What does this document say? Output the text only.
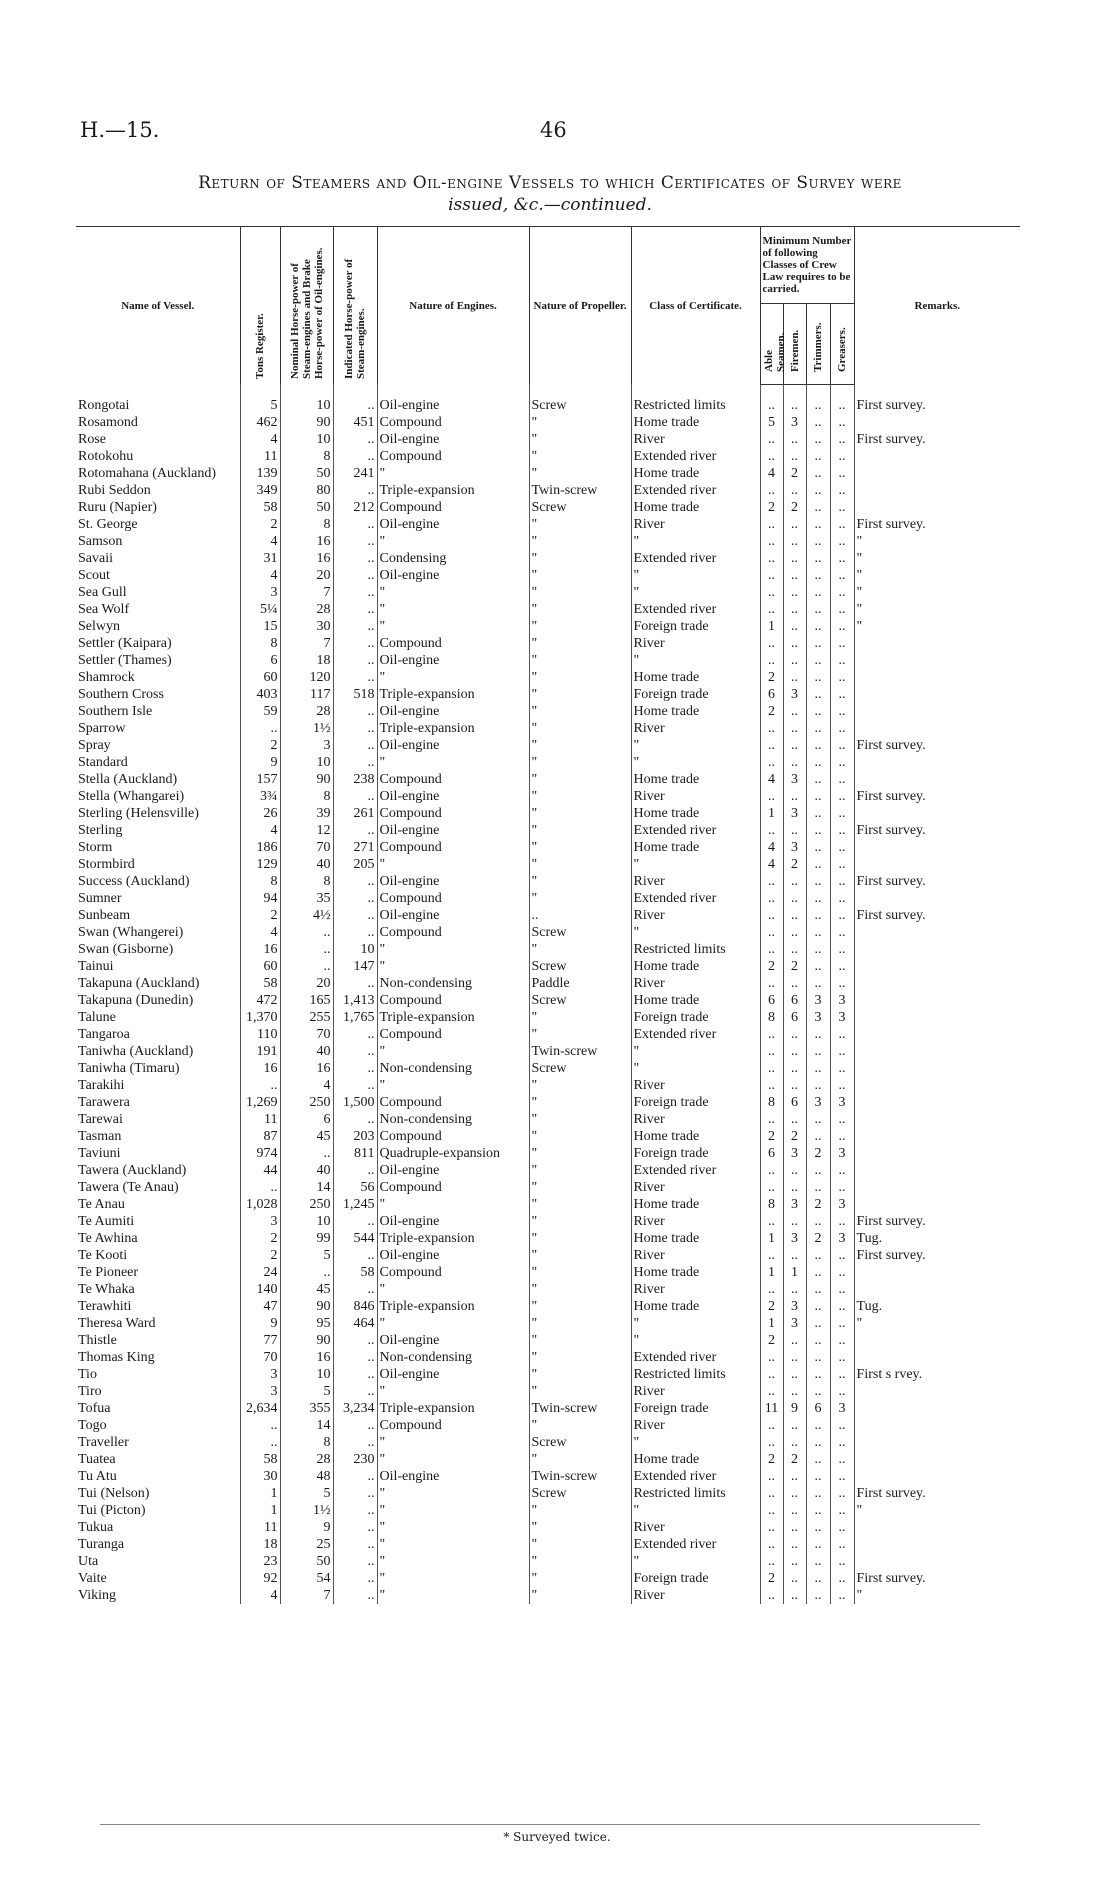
H.—15.	46
Return of Steamers and Oil-engine Vessels to which Certificates of Survey were
issued, &c.—continued.
Name of Vessel.	Tons Register.	Nominal Horse-power of Steam-engines and Brake Horse-power of Oil-engines.	Indicated Horse-power of Steam-engines.	Nature of Engines.	Nature of Propeller.	Class of Certificate.	Minimum Number of following Classes of Crew Law requires to be carried.				Remarks.
							Able Seamen.	Firemen.	Trimmers.	Greasers.	

Rongotai	5	10	..	Oil-engine	Screw	Restricted limits	..	..	..	..	First survey.
Rosamond	462	90	451	Compound	"	Home trade	5	3	..	..	
Rose	4	10	..	Oil-engine	"	River	..	..	..	..	First survey.
Rotokohu	11	8	..	Compound	"	Extended river	..	..	..	..	
Rotomahana (Auckland)	139	50	241	"	"	Home trade	4	2	..	..	
Rubi Seddon	349	80	..	Triple-expansion	Twin-screw	Extended river	..	..	..	..	
Ruru (Napier)	58	50	212	Compound	Screw	Home trade	2	2	..	..	
St. George	2	8	..	Oil-engine	"	River	..	..	..	..	First survey.
Samson	4	16	..	"	"	"	..	..	..	..	"
Savaii	31	16	..	Condensing	"	Extended river	..	..	..	..	"
Scout	4	20	..	Oil-engine	"	"	..	..	..	..	"
Sea Gull	3	7	..	"	"	"	..	..	..	..	"
Sea Wolf	5¼	28	..	"	"	Extended river	..	..	..	..	"
Selwyn	15	30	..	"	"	Foreign trade	1	..	..	..	"
Settler (Kaipara)	8	7	..	Compound	"	River	..	..	..	..	
Settler (Thames)	6	18	..	Oil-engine	"	"	..	..	..	..	
Shamrock	60	120	..	"	"	Home trade	2	..	..	..	
Southern Cross	403	117	518	Triple-expansion	"	Foreign trade	6	3	..	..	
Southern Isle	59	28	..	Oil-engine	"	Home trade	2	..	..	..	
Sparrow	..	1½	..	Triple-expansion	"	River	..	..	..	..	
Spray	2	3	..	Oil-engine	"	"	..	..	..	..	First survey.
Standard	9	10	..	"	"	"	..	..	..	..	
Stella (Auckland)	157	90	238	Compound	"	Home trade	4	3	..	..	
Stella (Whangarei)	3¾	8	..	Oil-engine	"	River	..	..	..	..	First survey.
Sterling (Helensville)	26	39	261	Compound	"	Home trade	1	3	..	..	
Sterling	4	12	..	Oil-engine	"	Extended river	..	..	..	..	First survey.
Storm	186	70	271	Compound	"	Home trade	4	3	..	..	
Stormbird	129	40	205	"	"	"	4	2	..	..	
Success (Auckland)	8	8	..	Oil-engine	"	River	..	..	..	..	First survey.
Sumner	94	35	..	Compound	"	Extended river	..	..	..	..	
Sunbeam	2	4½	..	Oil-engine	..	River	..	..	..	..	First survey.
Swan (Whangerei)	4	..	..	Compound	Screw	"	..	..	..	..	
Swan (Gisborne)	16	..	10	"	"	Restricted limits	..	..	..	..	
Tainui	60	..	147	"	Screw	Home trade	2	2	..	..	
Takapuna (Auckland)	58	20	..	Non-condensing	Paddle	River	..	..	..	..	
Takapuna (Dunedin)	472	165	1,413	Compound	Screw	Home trade	6	6	3	3	
Talune	1,370	255	1,765	Triple-expansion	"	Foreign trade	8	6	3	3	
Tangaroa	110	70	..	Compound	"	Extended river	..	..	..	..	
Taniwha (Auckland)	191	40	..	"	Twin-screw	"	..	..	..	..	
Taniwha (Timaru)	16	16	..	Non-condensing	Screw	"	..	..	..	..	
Tarakihi	..	4	..	"	"	River	..	..	..	..	
Tarawera	1,269	250	1,500	Compound	"	Foreign trade	8	6	3	3	
Tarewai	11	6	..	Non-condensing	"	River	..	..	..	..	
Tasman	87	45	203	Compound	"	Home trade	2	2	..	..	
Taviuni	974	..	811	Quadruple-expansion	"	Foreign trade	6	3	2	3	
Tawera (Auckland)	44	40	..	Oil-engine	"	Extended river	..	..	..	..	
Tawera (Te Anau)	..	14	56	Compound	"	River	..	..	..	..	
Te Anau	1,028	250	1,245	"	"	Home trade	8	3	2	3	
Te Aumiti	3	10	..	Oil-engine	"	River	..	..	..	..	First survey.
Te Awhina	2	99	544	Triple-expansion	"	Home trade	1	3	2	3	Tug.
Te Kooti	2	5	..	Oil-engine	"	River	..	..	..	..	First survey.
Te Pioneer	24	..	58	Compound	"	Home trade	1	1	..	..	
Te Whaka	140	45	..	"	"	River	..	..	..	..	
Terawhiti	47	90	846	Triple-expansion	"	Home trade	2	3	..	..	Tug.
Theresa Ward	9	95	464	"	"	"	1	3	..	..	"
Thistle	77	90	..	Oil-engine	"	"	2	..	..	..	
Thomas King	70	16	..	Non-condensing	"	Extended river	..	..	..	..	
Tio	3	10	..	Oil-engine	"	Restricted limits	..	..	..	..	First s rvey.
Tiro	3	5	..	"	"	River	..	..	..	..	
Tofua	2,634	355	3,234	Triple-expansion	Twin-screw	Foreign trade	11	9	6	3	
Togo	..	14	..	Compound	"	River	..	..	..	..	
Traveller	..	8	..	"	Screw	"	..	..	..	..	
Tuatea	58	28	230	"	"	Home trade	2	2	..	..	
Tu Atu	30	48	..	Oil-engine	Twin-screw	Extended river	..	..	..	..	
Tui (Nelson)	1	5	..	"	Screw	Restricted limits	..	..	..	..	First survey.
Tui (Picton)	1	1½	..	"	"	"	..	..	..	..	"
Tukua	11	9	..	"	"	River	..	..	..	..	
Turanga	18	25	..	"	"	Extended river	..	..	..	..	
Uta	23	50	..	"	"	"	..	..	..	..	
Vaite	92	54	..	"	"	Foreign trade	2	..	..	..	First survey.
Viking	4	7	..	"	"	River	..	..	..	..	"
* Surveyed twice.
